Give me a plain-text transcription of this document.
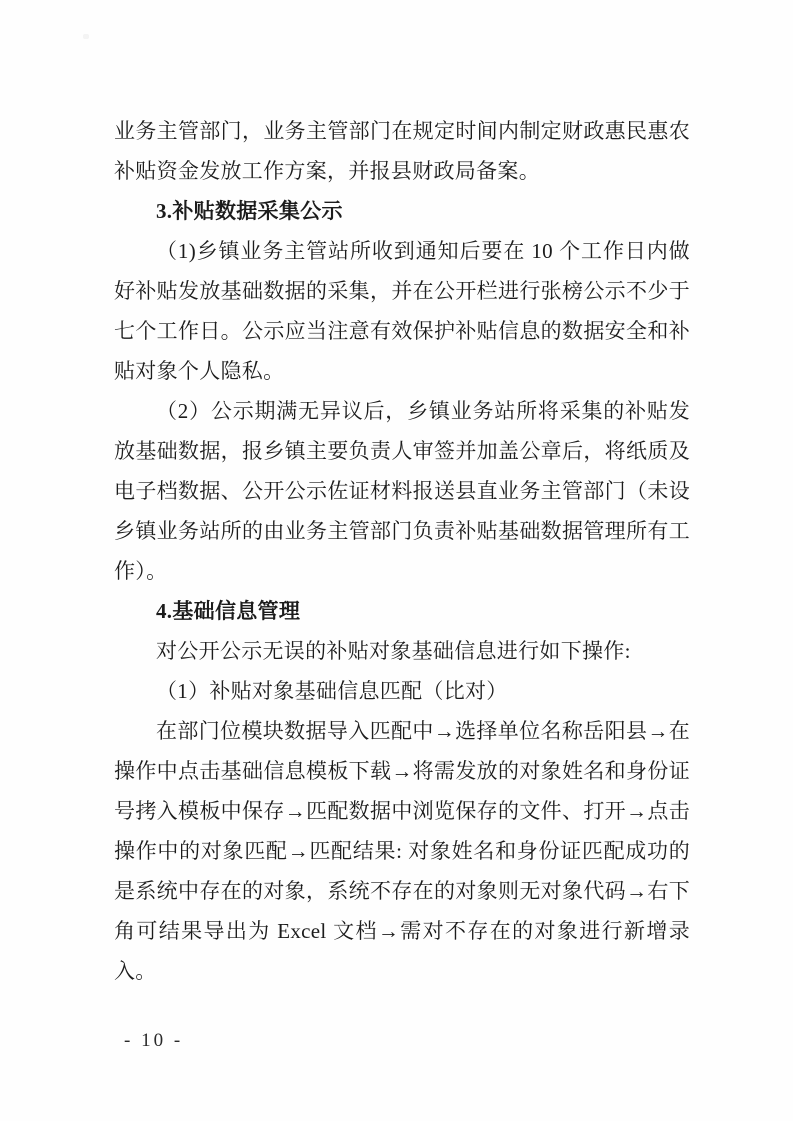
业务主管部门，业务主管部门在规定时间内制定财政惠民惠农补贴资金发放工作方案，并报县财政局备案。

3.补贴数据采集公示

（1)乡镇业务主管站所收到通知后要在 10 个工作日内做好补贴发放基础数据的采集，并在公开栏进行张榜公示不少于七个工作日。公示应当注意有效保护补贴信息的数据安全和补贴对象个人隐私。

（2）公示期满无异议后，乡镇业务站所将采集的补贴发放基础数据，报乡镇主要负责人审签并加盖公章后，将纸质及电子档数据、公开公示佐证材料报送县直业务主管部门（未设乡镇业务站所的由业务主管部门负责补贴基础数据管理所有工作）。

4.基础信息管理

对公开公示无误的补贴对象基础信息进行如下操作:

（1）补贴对象基础信息匹配（比对）

在部门位模块数据导入匹配中→选择单位名称岳阳县→在操作中点击基础信息模板下载→将需发放的对象姓名和身份证号拷入模板中保存→匹配数据中浏览保存的文件、打开→点击操作中的对象匹配→匹配结果: 对象姓名和身份证匹配成功的是系统中存在的对象，系统不存在的对象则无对象代码→右下角可结果导出为 Excel 文档→需对不存在的对象进行新增录入。

- 10 -
